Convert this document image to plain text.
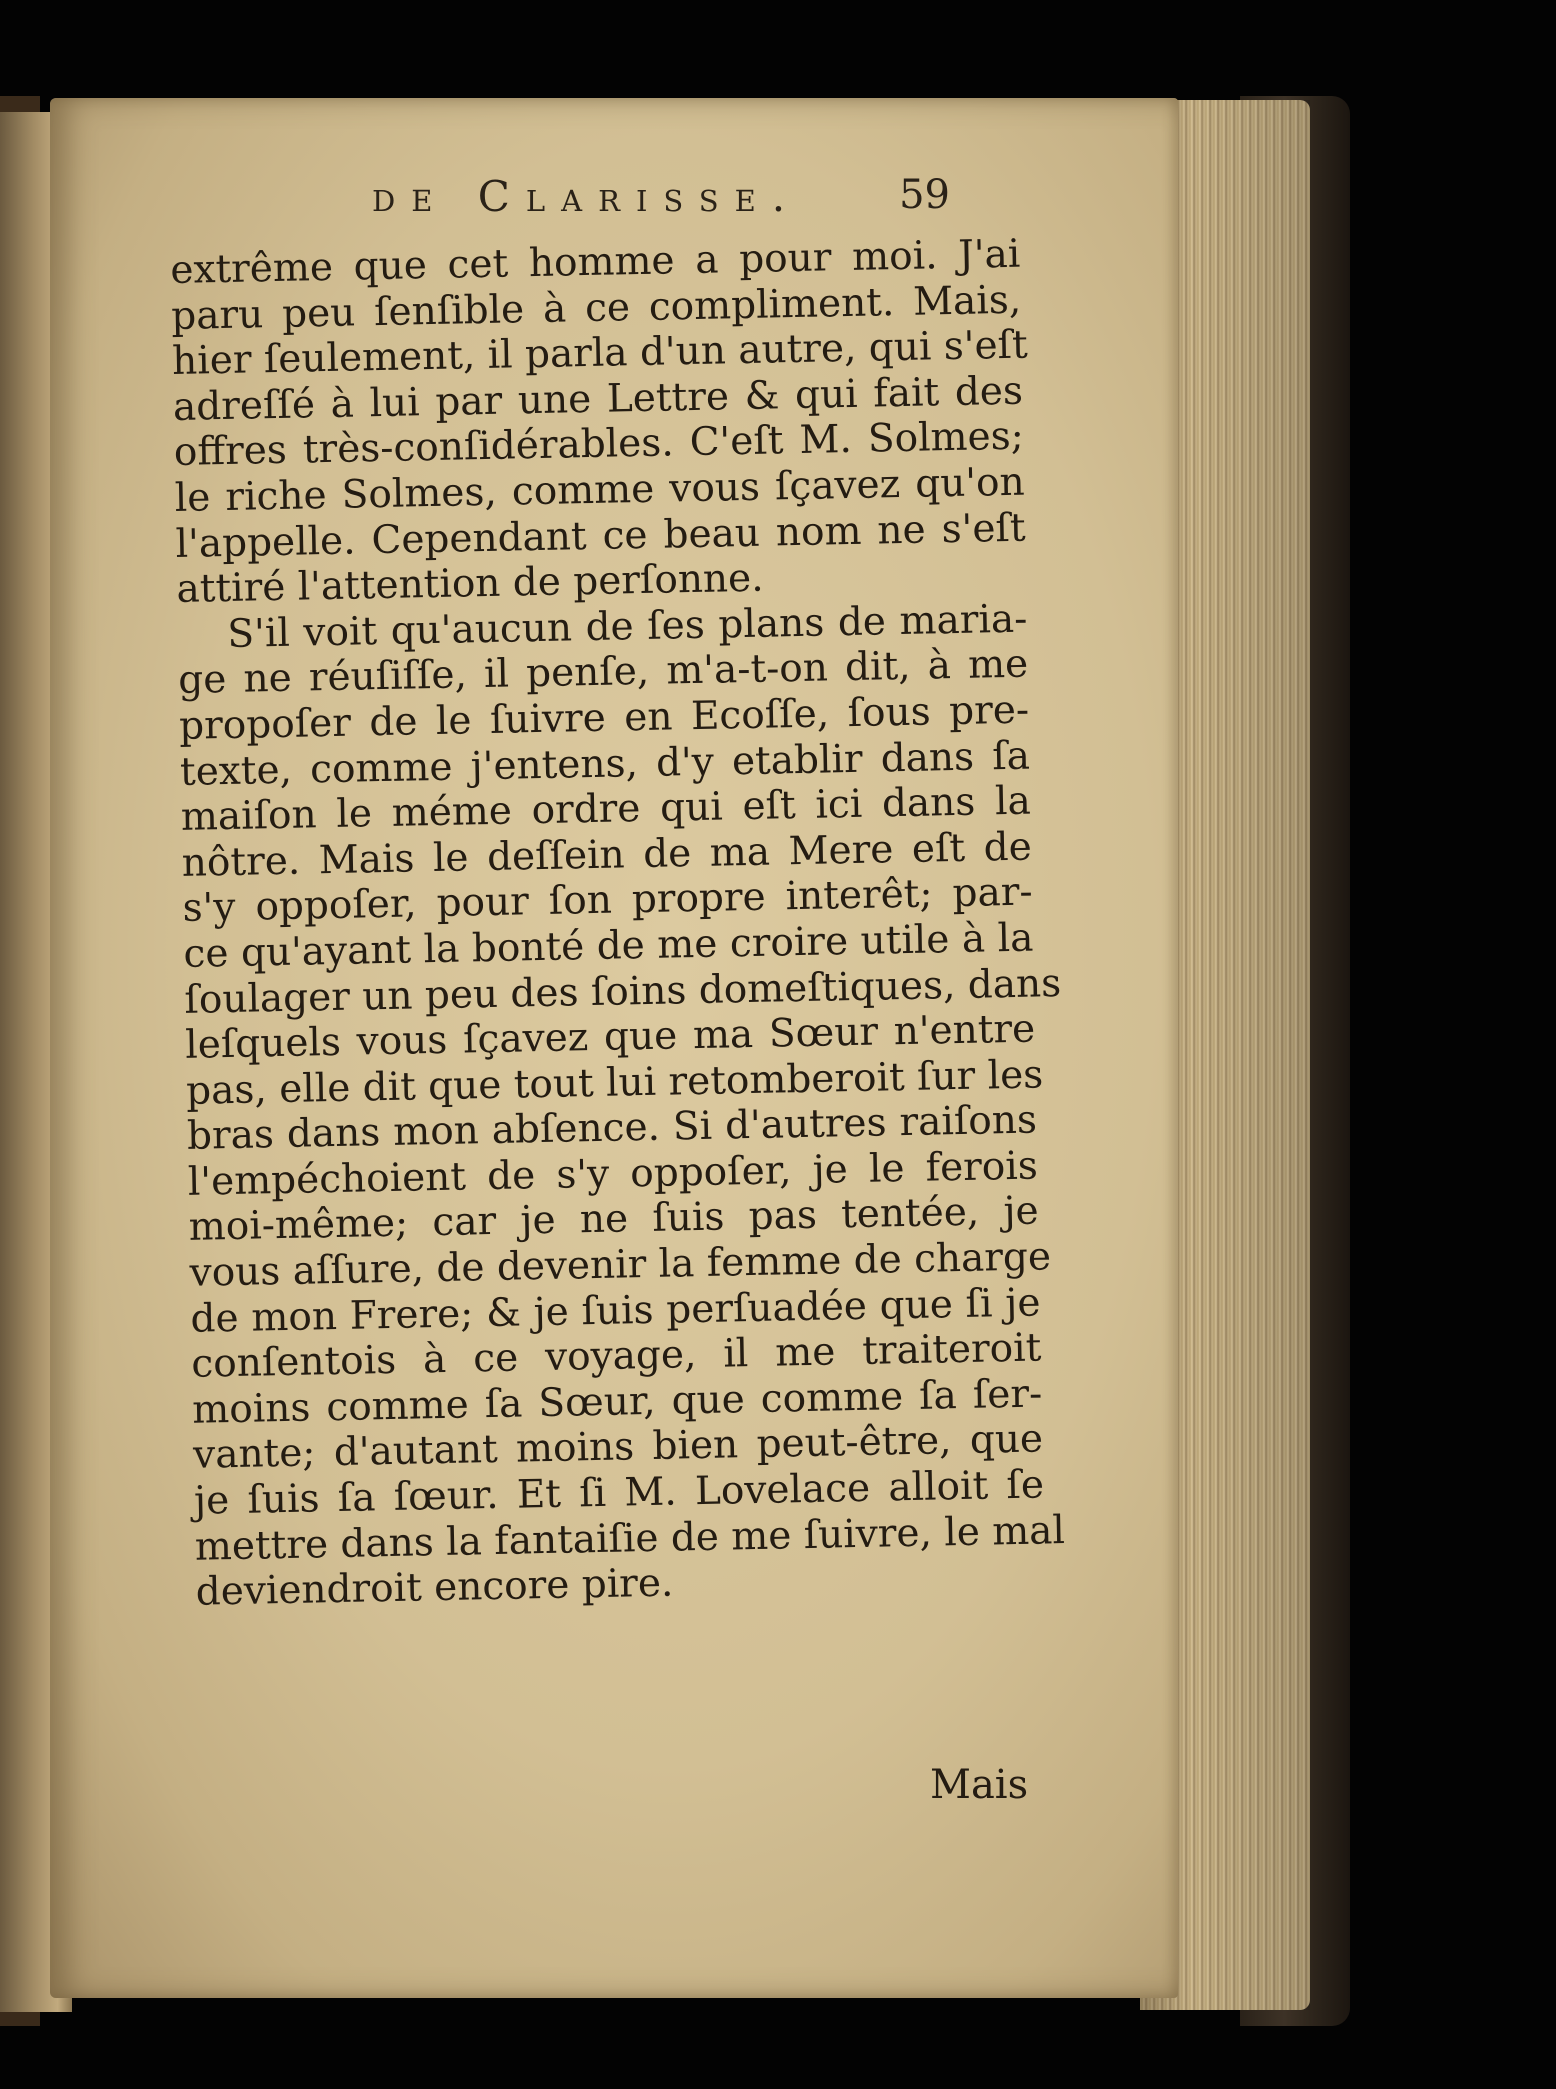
de Clarisse. 59
extrême que cet homme a pour moi. J'ai
paru peu ſenſible à ce compliment. Mais,
hier ſeulement, il parla d'un autre, qui s'eſt
adreſſé à lui par une Lettre & qui fait des
offres très-conſidérables. C'eſt M. Solmes;
le riche Solmes, comme vous ſçavez qu'on
l'appelle. Cependant ce beau nom ne s'eſt
attiré l'attention de perſonne.
S'il voit qu'aucun de ſes plans de maria-
ge ne réuſiſſe, il penſe, m'a-t-on dit, à me
propoſer de le ſuivre en Ecoſſe, ſous pre-
texte, comme j'entens, d'y etablir dans ſa
maiſon le méme ordre qui eſt ici dans la
nôtre. Mais le deſſein de ma Mere eſt de
s'y oppoſer, pour ſon propre interêt; par-
ce qu'ayant la bonté de me croire utile à la
ſoulager un peu des ſoins domeſtiques, dans
leſquels vous ſçavez que ma Sœur n'entre
pas, elle dit que tout lui retomberoit ſur les
bras dans mon abſence. Si d'autres raiſons
l'empéchoient de s'y oppoſer, je le ferois
moi-même; car je ne ſuis pas tentée, je
vous aſſure, de devenir la femme de charge
de mon Frere; & je ſuis perſuadée que ſi je
conſentois à ce voyage, il me traiteroit
moins comme ſa Sœur, que comme ſa ſer-
vante; d'autant moins bien peut-être, que
je ſuis ſa ſœur. Et ſi M. Lovelace alloit ſe
mettre dans la fantaiſie de me ſuivre, le mal
deviendroit encore pire.
Mais
